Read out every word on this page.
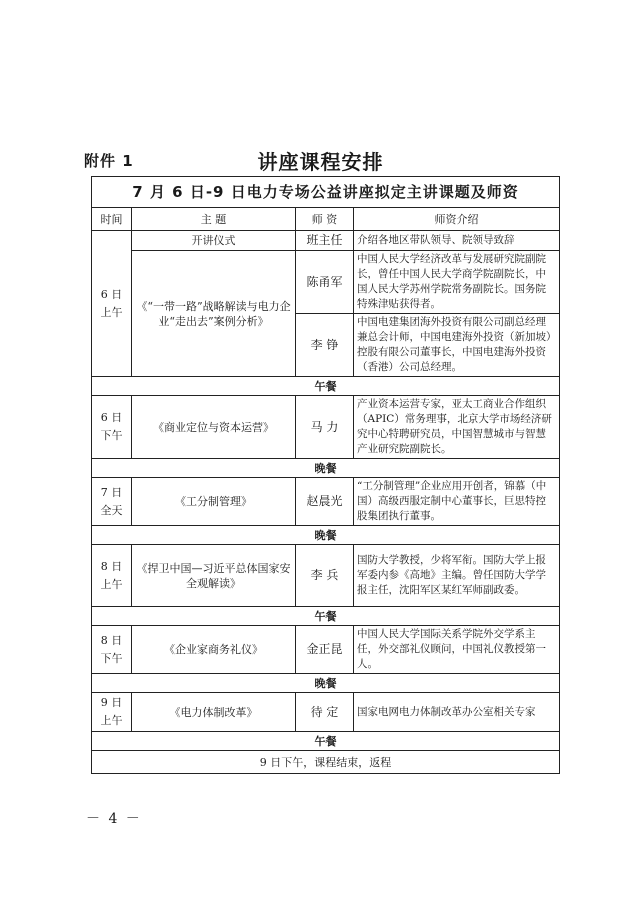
附件 1	讲座课程安排
7 月 6 日-9 日电力专场公益讲座拟定主讲课题及师资			
时间	主 题	师 资	师资介绍
6 日
上午	开讲仪式	班主任	介绍各地区带队领导、院领导致辞
	《“一带一路”战略解读与电力企业“走出去”案例分析》	陈甬军	中国人民大学经济改革与发展研究院副院长，曾任中国人民大学商学院副院长，中国人民大学苏州学院常务副院长。国务院特殊津贴获得者。
		李 铮	中国电建集团海外投资有限公司副总经理兼总会计师，中国电建海外投资（新加坡）控股有限公司董事长，中国电建海外投资（香港）公司总经理。
午餐			
6 日
下午	《商业定位与资本运营》	马 力	产业资本运营专家，亚太工商业合作组织（APIC）常务理事，北京大学市场经济研究中心特聘研究员，中国智慧城市与智慧产业研究院副院长。
晚餐			
7 日
全天	《工分制管理》	赵晨光	“工分制管理”企业应用开创者，锦慕（中国）高级西服定制中心董事长，巨思特控股集团执行董事。
晚餐			
8 日
上午	《捍卫中国—习近平总体国家安全观解读》	李 兵	国防大学教授，少将军衔。国防大学上报军委内参《高地》主编。曾任国防大学学报主任，沈阳军区某红军师副政委。
午餐			
8 日
下午	《企业家商务礼仪》	金正昆	中国人民大学国际关系学院外交学系主任，外交部礼仪顾问，中国礼仪教授第一人。
晚餐			
9 日
上午	《电力体制改革》	待 定	国家电网电力体制改革办公室相关专家
午餐			
9 日下午，课程结束，返程			
－ 4 －
